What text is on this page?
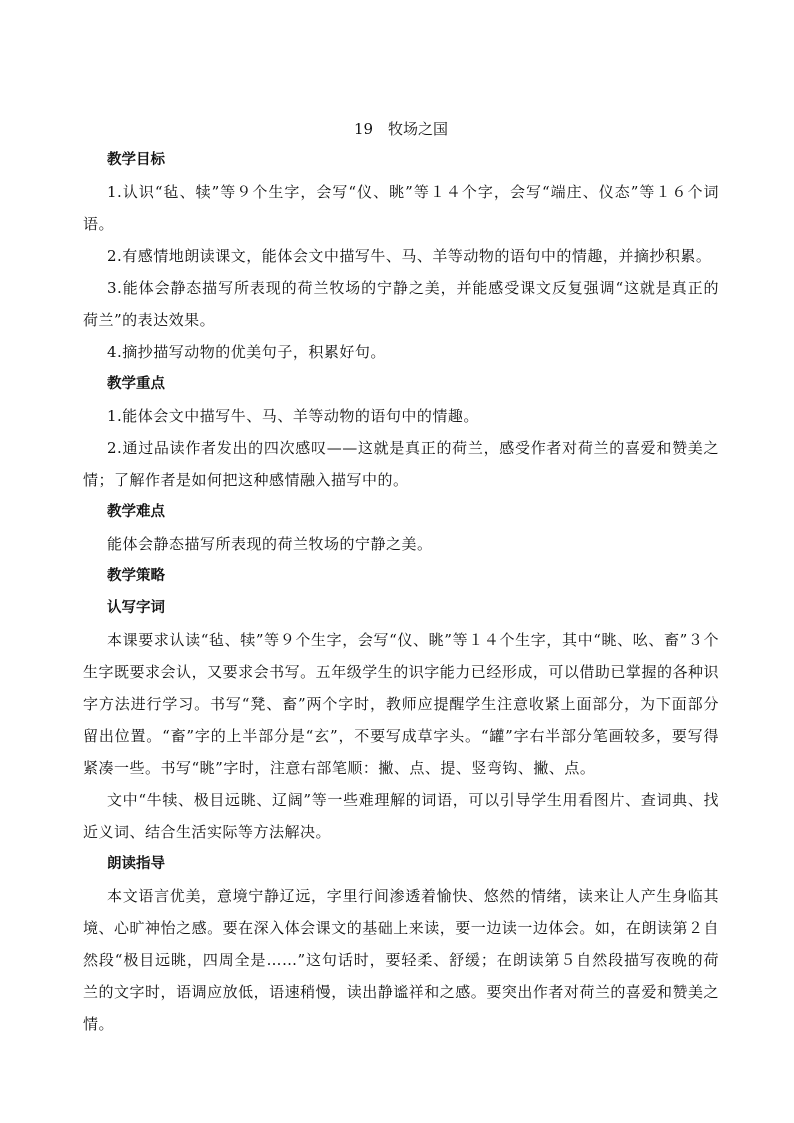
19　牧场之国

教学目标

1.认识“毡、犊”等９个生字，会写“仪、眺”等１４个字，会写“端庄、仪态”等１６个词语。

2.有感情地朗读课文，能体会文中描写牛、马、羊等动物的语句中的情趣，并摘抄积累。

3.能体会静态描写所表现的荷兰牧场的宁静之美，并能感受课文反复强调“这就是真正的荷兰”的表达效果。

4.摘抄描写动物的优美句子，积累好句。

教学重点

1.能体会文中描写牛、马、羊等动物的语句中的情趣。

2.通过品读作者发出的四次感叹——这就是真正的荷兰，感受作者对荷兰的喜爱和赞美之情；了解作者是如何把这种感情融入描写中的。

教学难点

能体会静态描写所表现的荷兰牧场的宁静之美。

教学策略

认写字词

本课要求认读“毡、犊”等９个生字，会写“仪、眺”等１４个生字，其中“眺、吆、畜”３个生字既要求会认，又要求会书写。五年级学生的识字能力已经形成，可以借助已掌握的各种识字方法进行学习。书写“凳、畜”两个字时，教师应提醒学生注意收紧上面部分，为下面部分留出位置。“畜”字的上半部分是“玄”，不要写成草字头。“罐”字右半部分笔画较多，要写得紧凑一些。书写“眺”字时，注意右部笔顺：撇、点、提、竖弯钩、撇、点。

文中“牛犊、极目远眺、辽阔”等一些难理解的词语，可以引导学生用看图片、查词典、找近义词、结合生活实际等方法解决。

朗读指导

本文语言优美，意境宁静辽远，字里行间渗透着愉快、悠然的情绪，读来让人产生身临其境、心旷神怡之感。要在深入体会课文的基础上来读，要一边读一边体会。如，在朗读第２自然段“极目远眺，四周全是……”这句话时，要轻柔、舒缓；在朗读第５自然段描写夜晚的荷兰的文字时，语调应放低，语速稍慢，读出静谧祥和之感。要突出作者对荷兰的喜爱和赞美之情。
